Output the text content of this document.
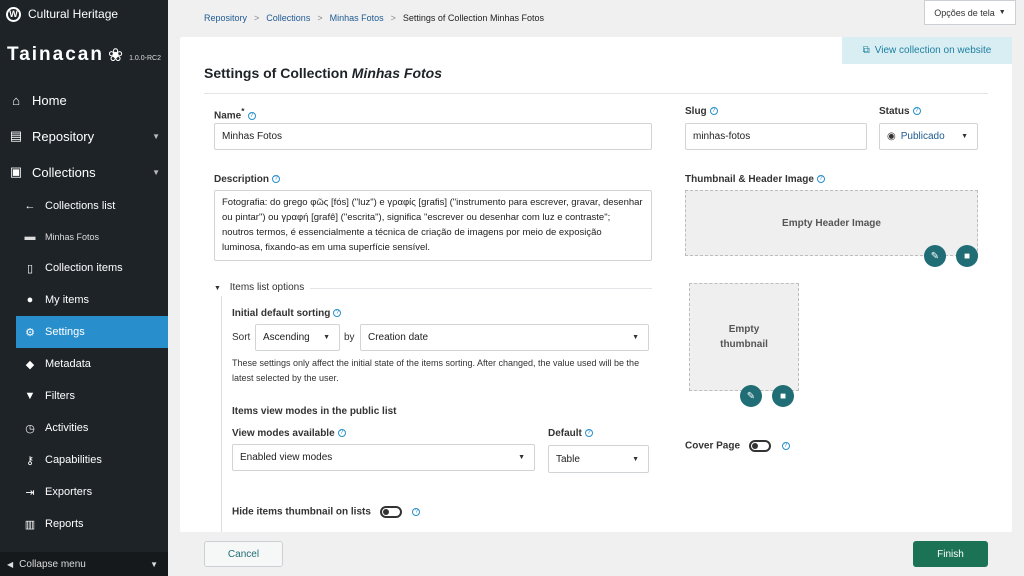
W Cultural Heritage
Tainacan ❀ 1.0.0-RC2
⌂ Home
▤ Repository	▼
▣ Collections	▼
← Collections list
▬ Minhas Fotos
▯ Collection items
● My items
⚙ Settings
◆ Metadata
▼ Filters
◷ Activities
⚷ Capabilities
⇥ Exporters
▥ Reports
◀ Collapse menu	▼
Repository > Collections > Minhas Fotos > Settings of Collection Minhas Fotos
Opções de tela ▼
⧉ View collection on website
Settings of Collection Minhas Fotos
Name* ?
Minhas Fotos
Slug ?
minhas-fotos
Status ?
◉ Publicado ▼
Description ?
Fotografia: do grego φῶς [fós] ("luz") e γραφίς [grafis] ("instrumento para escrever, gravar, desenhar ou pintar") ou γραφή [grafê] ("escrita"), significa "escrever ou desenhar com luz e contraste"; noutros termos, é essencialmente a técnica de criação de imagens por meio de exposição luminosa, fixando-as em uma superfície sensível.
Thumbnail & Header Image ?
Empty Header Image
✎ ■
Empty thumbnail
✎ ■
Cover Page	?
▼ Items list options
Initial default sorting ?
Sort Ascending ▼ by Creation date	▼
These settings only affect the initial state of the items sorting. After changed, the value used will be the latest selected by the user.
Items view modes in the public list
View modes available ?
Enabled view modes	▼
Default ?
Table	▼
Hide items thumbnail on lists	?
Cancel	Finish
